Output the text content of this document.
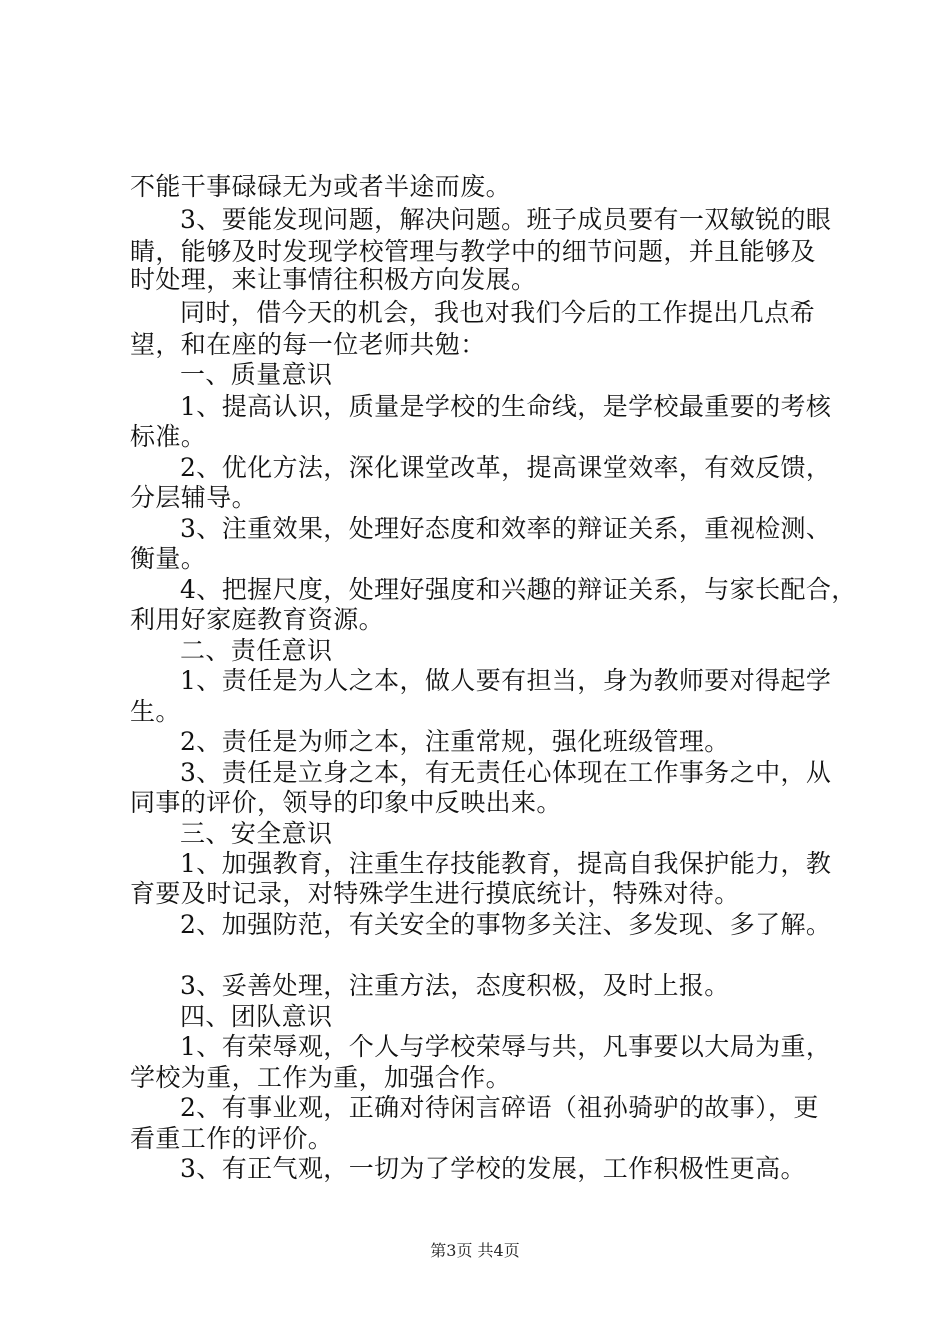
不能干事碌碌无为或者半途而废。
3、要能发现问题，解决问题。班子成员要有一双敏锐的眼
睛，能够及时发现学校管理与教学中的细节问题，并且能够及
时处理，来让事情往积极方向发展。
同时，借今天的机会，我也对我们今后的工作提出几点希
望，和在座的每一位老师共勉：
一、质量意识
1、提高认识，质量是学校的生命线，是学校最重要的考核
标准。
2、优化方法，深化课堂改革，提高课堂效率，有效反馈，
分层辅导。
3、注重效果，处理好态度和效率的辩证关系，重视检测、
衡量。
4、把握尺度，处理好强度和兴趣的辩证关系，与家长配合，
利用好家庭教育资源。
二、责任意识
1、责任是为人之本，做人要有担当，身为教师要对得起学
生。
2、责任是为师之本，注重常规，强化班级管理。
3、责任是立身之本，有无责任心体现在工作事务之中，从
同事的评价，领导的印象中反映出来。
三、安全意识
1、加强教育，注重生存技能教育，提高自我保护能力，教
育要及时记录，对特殊学生进行摸底统计，特殊对待。
2、加强防范，有关安全的事物多关注、多发现、多了解。
3、妥善处理，注重方法，态度积极，及时上报。
四、团队意识
1、有荣辱观，个人与学校荣辱与共，凡事要以大局为重，
学校为重，工作为重，加强合作。
2、有事业观，正确对待闲言碎语（祖孙骑驴的故事），更
看重工作的评价。
3、有正气观，一切为了学校的发展，工作积极性更高。
第3页 共4页
